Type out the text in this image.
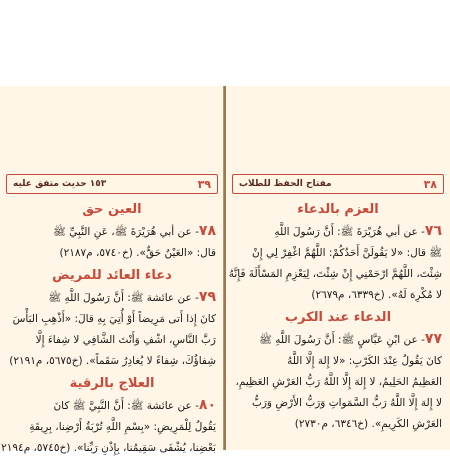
٣٩
١٥٣ حديث متفق عليه
العين حق
٧٨- عن أبي هُرَيْرَةَ ﷺ، عَنِ النَّبِيِّ ﷺ
قال: «العَيْنُ حَقٌّ». (خ٥٧٤٠، م٢١٨٧)
دعاء العائد للمريض
٧٩- عن عائشة ﷺ: أَنَّ رَسُولَ اللَّهِ ﷺ
كانَ إِذا أَتى مَرِيضاً أَوْ أُتِيَ بِهِ قالَ: «أَذْهِبِ البَأْسَ
رَبَّ النَّاسِ، اشْفِ وَأَنْتَ الشَّافِي لا شِفاءَ إِلَّا
شِفاؤُكَ، شِفاءً لا يُغادِرُ سَقَماً». (خ٥٦٧٥، م٢١٩١)
العلاج بالرقية
٨٠- عن عائشة ﷺ: أَنَّ النَّبِيَّ ﷺ كانَ
يَقُولُ لِلْمَرِيضِ: «بِسْمِ اللَّهِ تُرْبَةُ أَرْضِنا، بِرِيقَةِ
بَعْضِنا، يُشْفَى سَقِيمُنا، بِإِذْنِ رَبِّنا». (خ٥٧٤٥، م٢١٩٤
٣٨
مفتاح الحفظ للطلاب
العزم بالدعاء
٧٦- عن أبي هُرَيْرَةَ ﷺ: أَنَّ رَسُولَ اللَّهِ
ﷺ قال: «لا يَقُولَنَّ أَحَدُكُمْ: اللَّهُمَّ اغْفِرْ لِي إِنْ
شِئْتَ، اللَّهُمَّ ارْحَمْنِي إِنْ شِئْتَ، لِيَعْزِمِ المَسْأَلَةَ فَإِنَّهُ
لا مُكْرِهَ لَهُ». (خ٦٣٣٩، م٢٦٧٩)
الدعاء عند الكرب
٧٧- عن ابْنِ عَبَّاسٍ ﷺ: أَنَّ رَسُولَ اللَّهِ ﷺ
كانَ يَقُولُ عِنْدَ الكَرْبِ: «لا إِلهَ إِلَّا اللَّهُ
العَظِيمُ الحَلِيمُ، لا إِلهَ إِلَّا اللَّهُ رَبُّ العَرْشِ العَظِيمِ،
لا إِلهَ إِلَّا اللَّهُ رَبُّ السَّمَواتِ وَرَبُّ الأَرْضِ وَرَبُّ
العَرْشِ الكَرِيمِ». (خ٦٣٤٦، م٢٧٣٠)
